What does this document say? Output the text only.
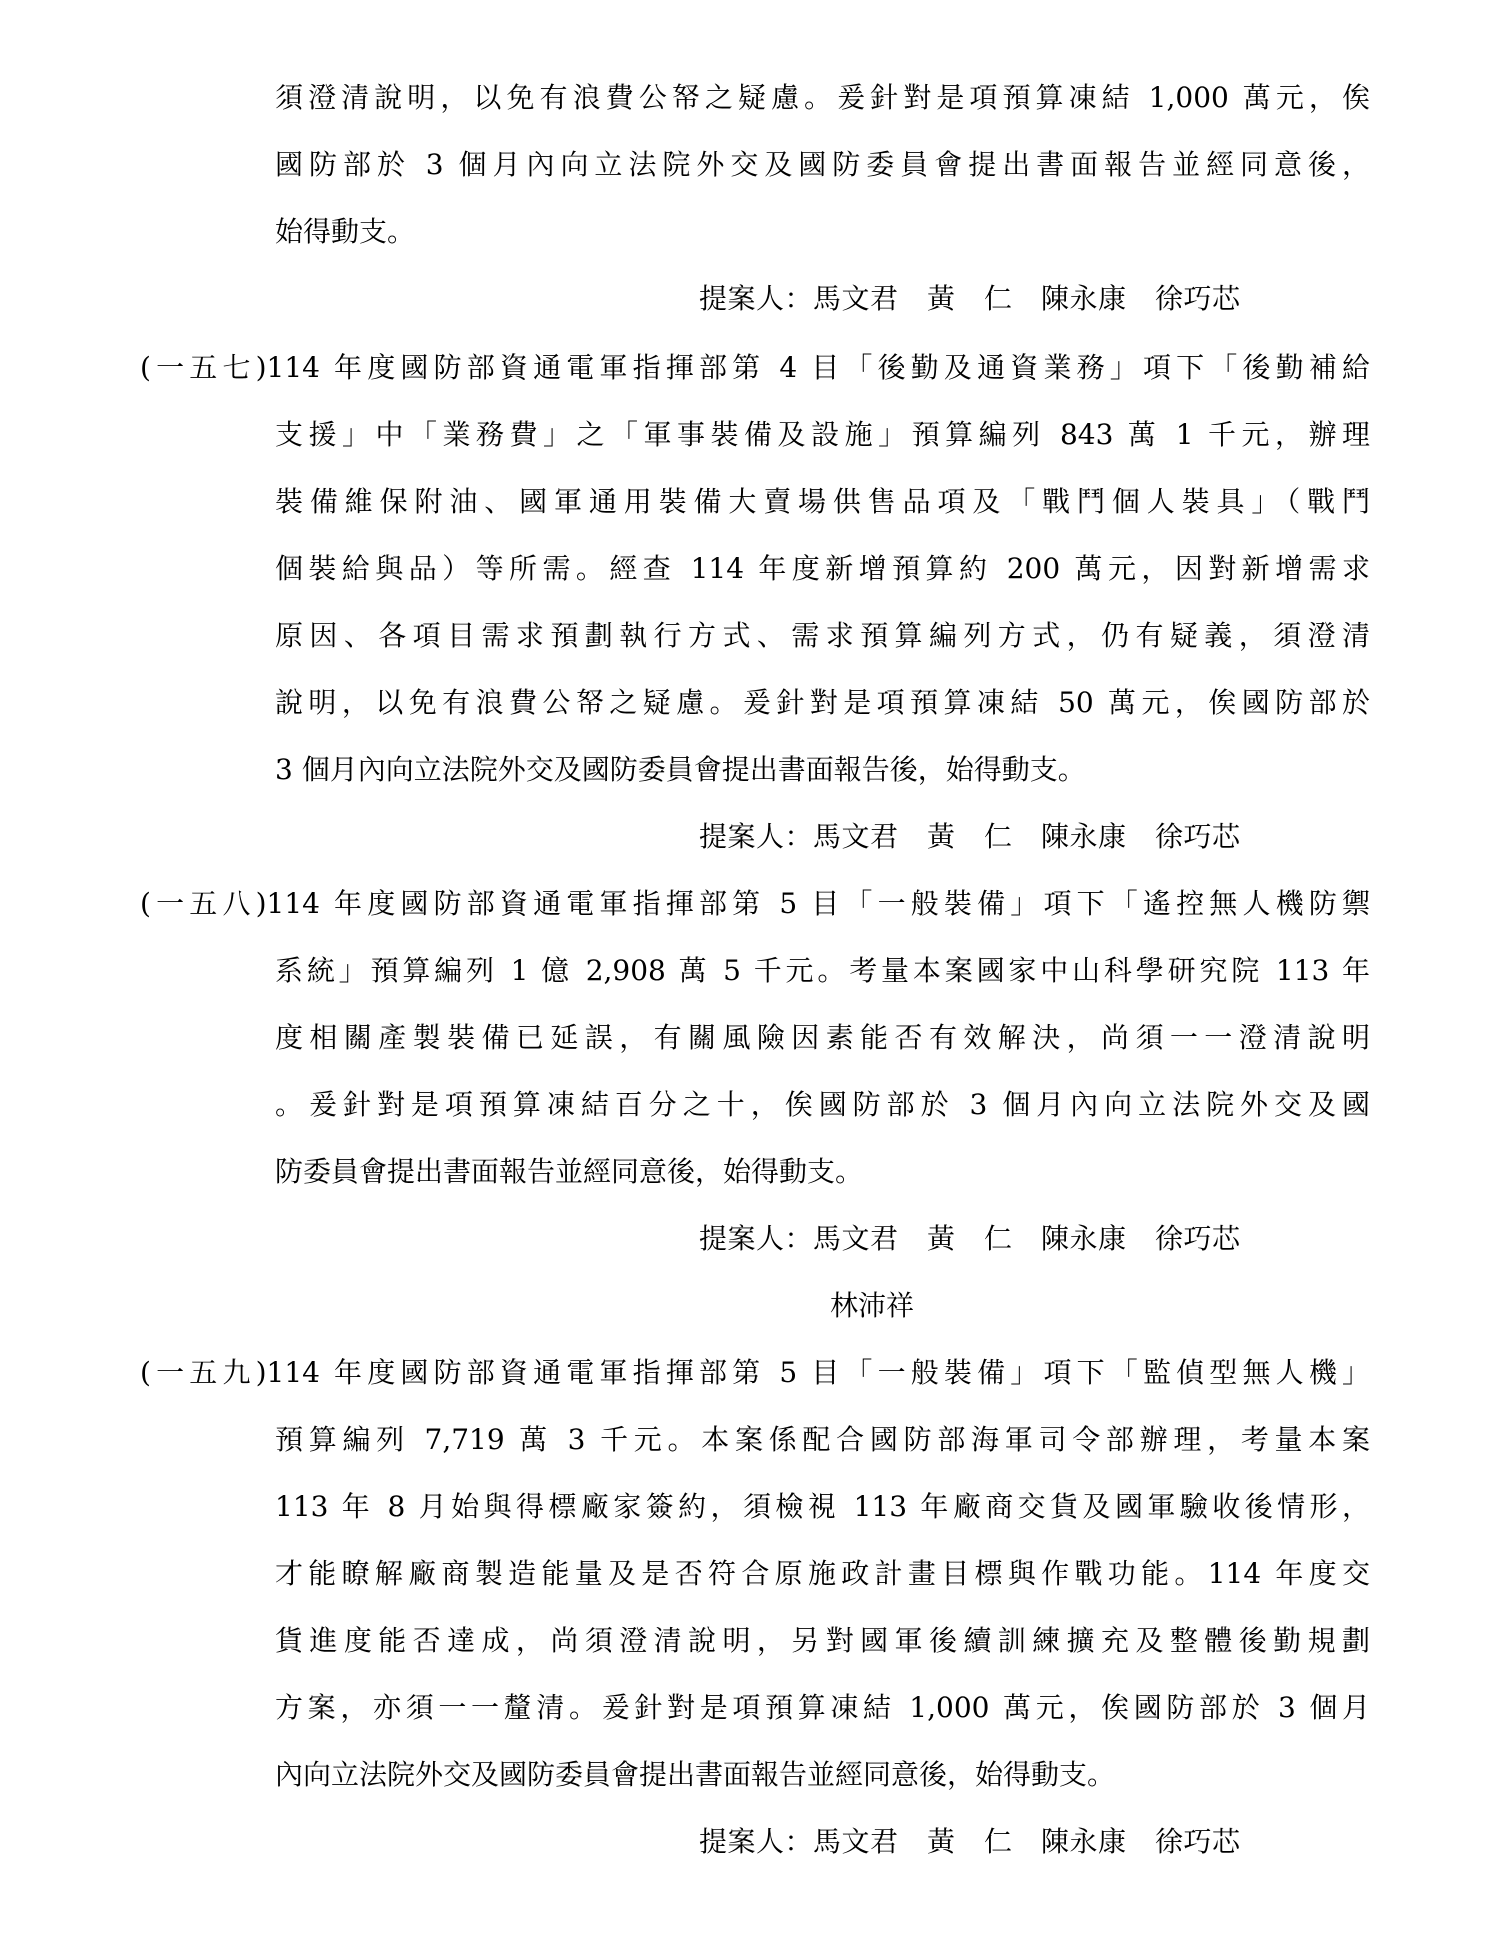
須澄清說明，以免有浪費公帑之疑慮。爰針對是項預算凍結 1,000 萬元，俟
國防部於 3 個月內向立法院外交及國防委員會提出書面報告並經同意後，
始得動支。
提案人：馬文君　黃　仁　陳永康　徐巧芯
(一五七)114 年度國防部資通電軍指揮部第 4 目「後勤及通資業務」項下「後勤補給
支援」中「業務費」之「軍事裝備及設施」預算編列 843 萬 1 千元，辦理
裝備維保附油、國軍通用裝備大賣場供售品項及「戰鬥個人裝具」（戰鬥
個裝給與品）等所需。經查 114 年度新增預算約 200 萬元，因對新增需求
原因、各項目需求預劃執行方式、需求預算編列方式，仍有疑義，須澄清
說明，以免有浪費公帑之疑慮。爰針對是項預算凍結 50 萬元，俟國防部於
3 個月內向立法院外交及國防委員會提出書面報告後，始得動支。
提案人：馬文君　黃　仁　陳永康　徐巧芯
(一五八)114 年度國防部資通電軍指揮部第 5 目「一般裝備」項下「遙控無人機防禦
系統」預算編列 1 億 2,908 萬 5 千元。考量本案國家中山科學研究院 113 年
度相關產製裝備已延誤，有關風險因素能否有效解決，尚須一一澄清說明
。爰針對是項預算凍結百分之十，俟國防部於 3 個月內向立法院外交及國
防委員會提出書面報告並經同意後，始得動支。
提案人：馬文君　黃　仁　陳永康　徐巧芯
林沛祥
(一五九)114 年度國防部資通電軍指揮部第 5 目「一般裝備」項下「監偵型無人機」
預算編列 7,719 萬 3 千元。本案係配合國防部海軍司令部辦理，考量本案
113 年 8 月始與得標廠家簽約，須檢視 113 年廠商交貨及國軍驗收後情形，
才能瞭解廠商製造能量及是否符合原施政計畫目標與作戰功能。114 年度交
貨進度能否達成，尚須澄清說明，另對國軍後續訓練擴充及整體後勤規劃
方案，亦須一一釐清。爰針對是項預算凍結 1,000 萬元，俟國防部於 3 個月
內向立法院外交及國防委員會提出書面報告並經同意後，始得動支。
提案人：馬文君　黃　仁　陳永康　徐巧芯
